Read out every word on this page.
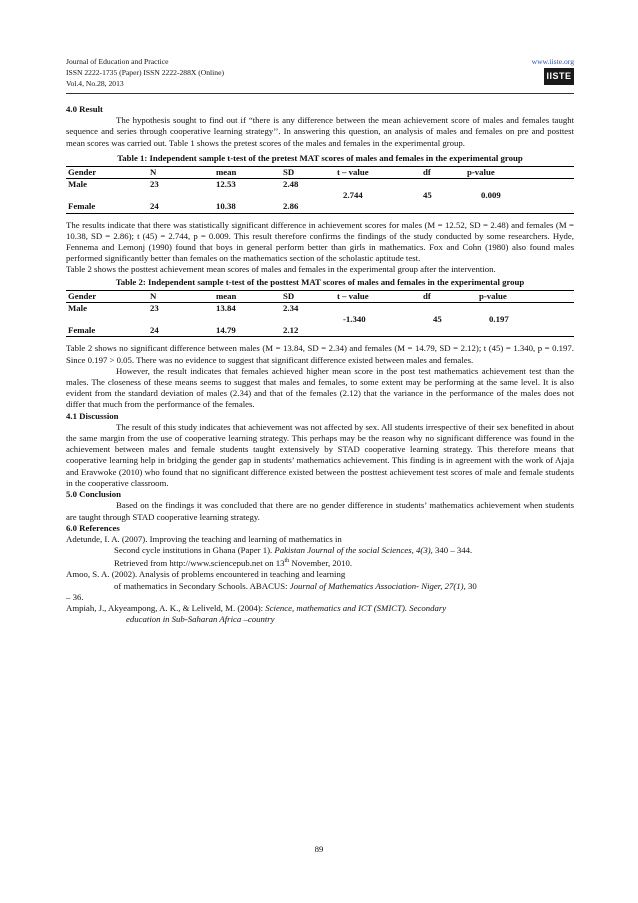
Journal of Education and Practice	www.iiste.org
ISSN 2222-1735 (Paper) ISSN 2222-288X (Online)
Vol.4, No.28, 2013
IISTE

4.0 Result

The hypothesis sought to find out if “there is any difference between the mean achievement score of males and females taught sequence and series through cooperative learning strategy’’. In answering this question, an analysis of males and females on pre and posttest mean scores was carried out. Table 1 shows the pretest scores of the males and females in the experimental group.

Table 1: Independent sample t-test of the pretest MAT scores of males and females in the experimental group

Gender	N	mean	SD	t – value	df	p-value
Male	23	12.53	2.48			
				2.744	45	0.009
Female	24	10.38	2.86			

The results indicate that there was statistically significant difference in achievement scores for males (M = 12.52, SD = 2.48) and females (M = 10.38, SD = 2.86); t (45) = 2.744, p = 0.009. This result therefore confirms the findings of the study conducted by some researchers. Hyde, Fennema and Lemonj (1990) found that boys in general perform better than girls in mathematics. Fox and Cohn (1980) also found males performed significantly better than females on the mathematics section of the scholastic aptitude test.

Table 2 shows the posttest achievement mean scores of males and females in the experimental group after the intervention.

Table 2: Independent sample t-test of the posttest MAT scores of males and females in the experimental group

Gender	N	mean	SD	t – value	df	p-value
Male	23	13.84	2.34			
				-1.340	45	0.197
Female	24	14.79	2.12			

Table 2 shows no significant difference between males (M = 13.84, SD = 2.34) and females (M = 14.79, SD = 2.12); t (45) = 1.340, p = 0.197. Since 0.197 > 0.05. There was no evidence to suggest that significant difference existed between males and females.

However, the result indicates that females achieved higher mean score in the post test mathematics achievement test than the males. The closeness of these means seems to suggest that males and females, to some extent may be performing at the same level. It is also evident from the standard deviation of males (2.34) and that of the females (2.12) that the variance in the performance of the males does not differ that much from the performance of the females.

4.1 Discussion

The result of this study indicates that achievement was not affected by sex. All students irrespective of their sex benefited in about the same margin from the use of cooperative learning strategy. This perhaps may be the reason why no significant difference was found in the achievement between males and female students taught extensively by STAD cooperative learning strategy. This therefore means that cooperative learning help in bridging the gender gap in students’ mathematics achievement. This finding is in agreement with the work of Ajaja and Eravwoke (2010) who found that no significant difference existed between the posttest achievement test scores of male and female students in the cooperative classroom.

5.0 Conclusion

Based on the findings it was concluded that there are no gender difference in students’ mathematics achievement when students are taught through STAD cooperative learning strategy.

6.0 References

Adetunde, I. A. (2007). Improving the teaching and learning of mathematics in

Second cycle institutions in Ghana (Paper 1). Pakistan Journal of the social Sciences, 4(3), 340 – 344.

Retrieved from http://www.sciencepub.net on 13th November, 2010.

Amoo, S. A. (2002). Analysis of problems encountered in teaching and learning

of mathematics in Secondary Schools. ABACUS: Journal of Mathematics Association- Niger, 27(1), 30

– 36.

Ampiah, J., Akyeampong, A. K., & Leliveld, M. (2004): Science, mathematics and ICT (SMICT). Secondary

education in Sub-Saharan Africa –country

89
